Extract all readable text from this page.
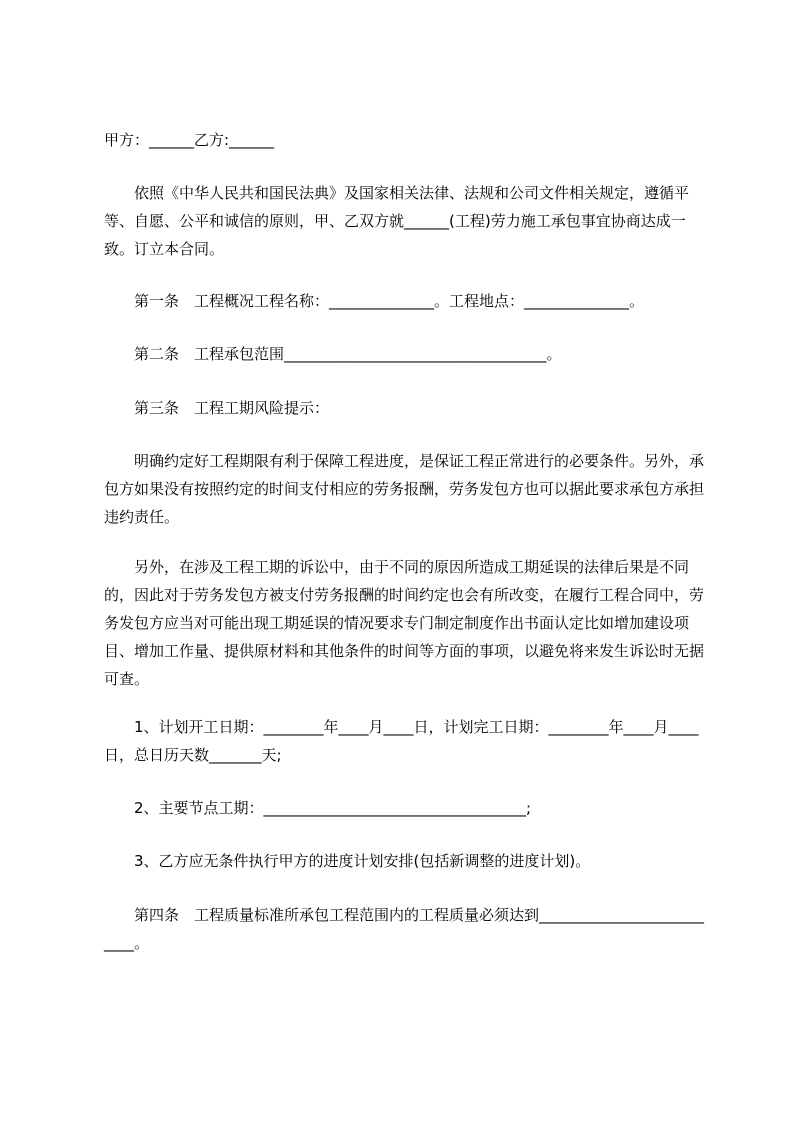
甲方：______乙方:______

依照《中华人民共和国民法典》及国家相关法律、法规和公司文件相关规定，遵循平等、自愿、公平和诚信的原则，甲、乙双方就______(工程)劳力施工承包事宜协商达成一致。订立本合同。

第一条　工程概况工程名称：______________。工程地点：______________。

第二条　工程承包范围___________________________________。

第三条　工程工期风险提示：

明确约定好工程期限有利于保障工程进度，是保证工程正常进行的必要条件。另外，承包方如果没有按照约定的时间支付相应的劳务报酬，劳务发包方也可以据此要求承包方承担违约责任。

另外，在涉及工程工期的诉讼中，由于不同的原因所造成工期延误的法律后果是不同的，因此对于劳务发包方被支付劳务报酬的时间约定也会有所改变，在履行工程合同中，劳务发包方应当对可能出现工期延误的情况要求专门制定制度作出书面认定比如增加建设项目、增加工作量、提供原材料和其他条件的时间等方面的事项，以避免将来发生诉讼时无据可查。

1、计划开工日期：________年____月____日，计划完工日期：________年____月____日，总日历天数_______天;

2、主要节点工期：___________________________________;

3、乙方应无条件执行甲方的进度计划安排(包括新调整的进度计划)。

第四条　工程质量标准所承包工程范围内的工程质量必须达到__________________________。
